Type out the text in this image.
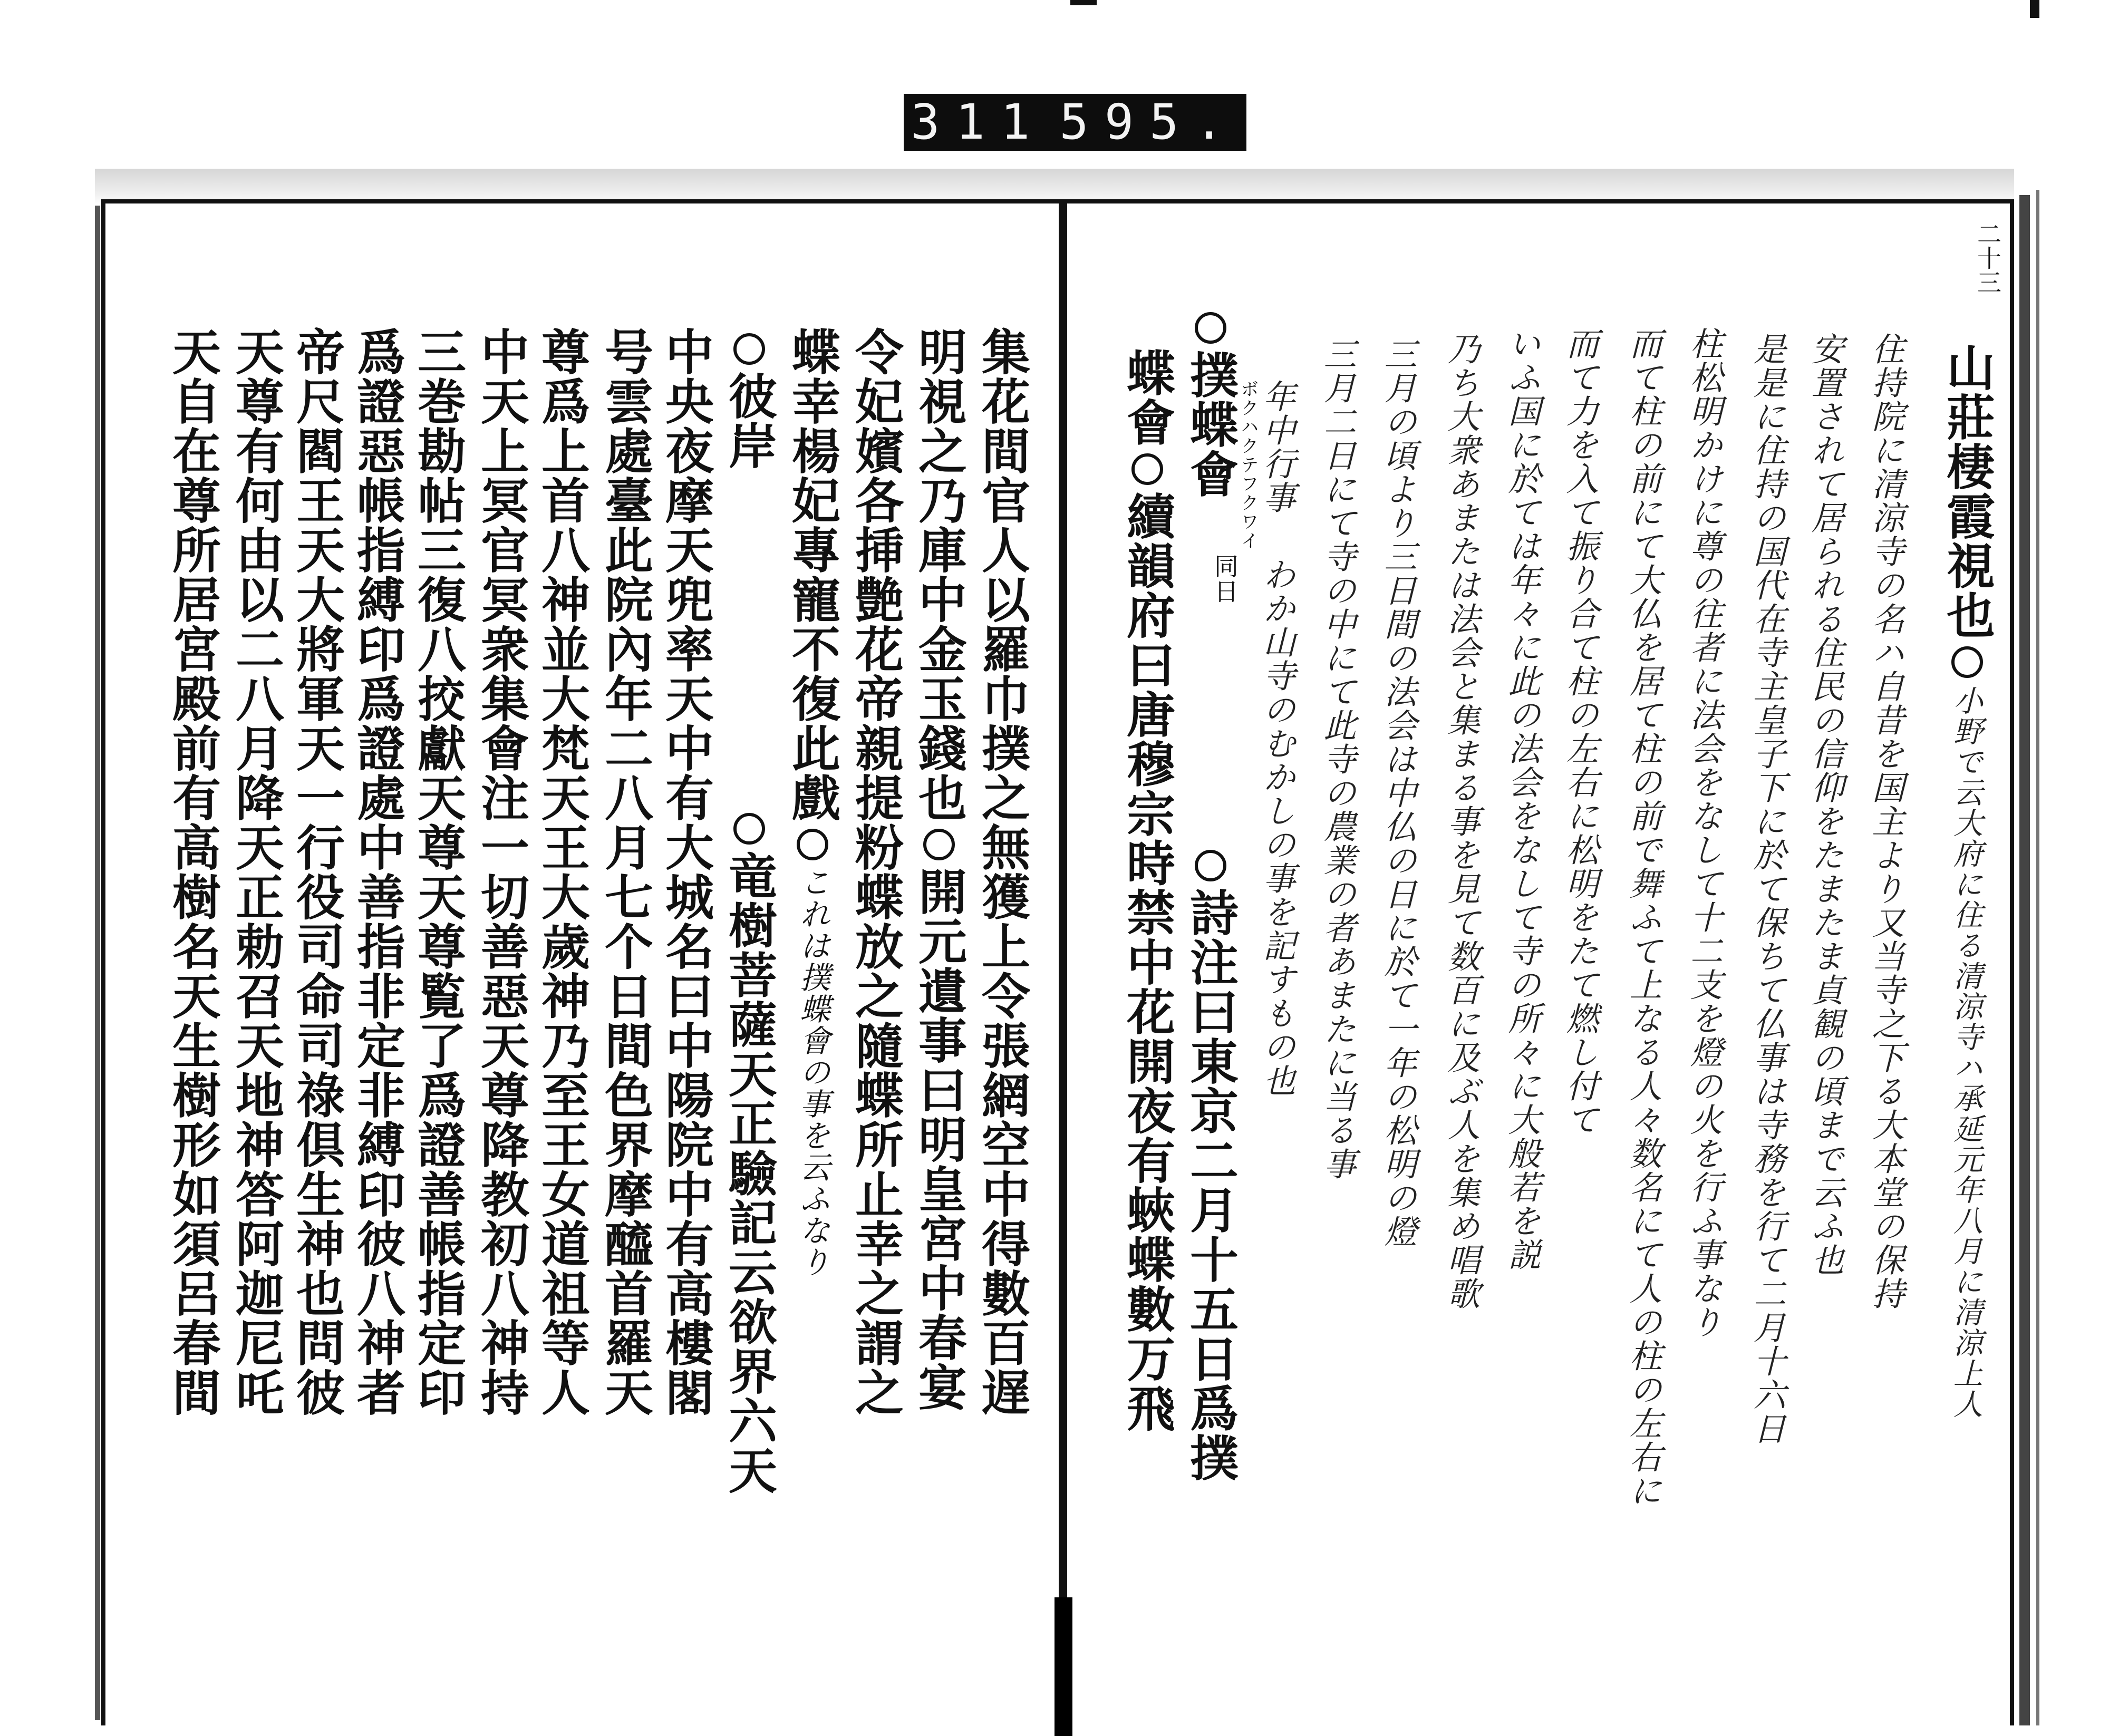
311 595.
二十三
山莊棲霞視也
小野で云大府に住る清涼寺ハ承延元年八月に清涼上人
住持院に清涼寺の名ハ自昔を国主より又当寺之下る大本堂の保持
安置されて居られる住民の信仰をたまたま貞観の頃まで云ふ也
是是に住持の国代在寺主皇子下に於て保ちて仏事は寺務を行て二月十六日
柱松明かけに尊の往者に法会をなして十二支を燈の火を行ふ事なり
而て柱の前にて大仏を居て柱の前で舞ふて上なる人々数名にて人の柱の左右に
而て力を入て振り合て柱の左右に松明をたて燃し付て
いふ国に於ては年々に此の法会をなして寺の所々に大般若を説
乃ち大衆あまたは法会と集まる事を見て数百に及ぶ人を集め唱歌
三月の頃より三日間の法会は中仏の日に於て一年の松明の燈
三月二日にて寺の中にて此寺の農業の者あまたに当る事
年中行事 わか山寺のむかしの事を記すもの也
ボクハクテフクワイ
撲蝶會
同日
蝶會續韻府曰唐穆宗時禁中花開夜有蛺蝶數万飛 詩注曰東京二月十五日爲撲
集花間官人以羅巾撲之無獲上令張網空中得數百遅
明視之乃庫中金玉錢也開元遺事曰明皇宮中春宴
令妃嬪各挿艶花帝親提粉蝶放之隨蝶所止幸之謂之
蝶幸楊妃專寵不復此戲これは撲蝶會の事を云ふなり
竜樹菩薩天正驗記云欲界六天
彼岸
中央夜摩天兜率天中有大城名曰中陽院中有高樓閣
号雲處臺此院內年二八月七个日間色界摩醯首羅天
尊爲上首八神並大梵天王大歲神乃至王女道祖等人
中天上冥官冥衆集會注一切善惡天尊降教初八神持
三巻勘帖三復八挍獻天尊天尊覧了爲證善帳指定印
爲證惡帳指縛印爲證處中善指非定非縛印彼八神者
帝尺閻王天大將軍天一行役司命司祿倶生神也問彼
天尊有何由以二八月降天正勅召天地神答阿迦尼吒
天自在尊所居宮殿前有高樹名天生樹形如須呂春間
